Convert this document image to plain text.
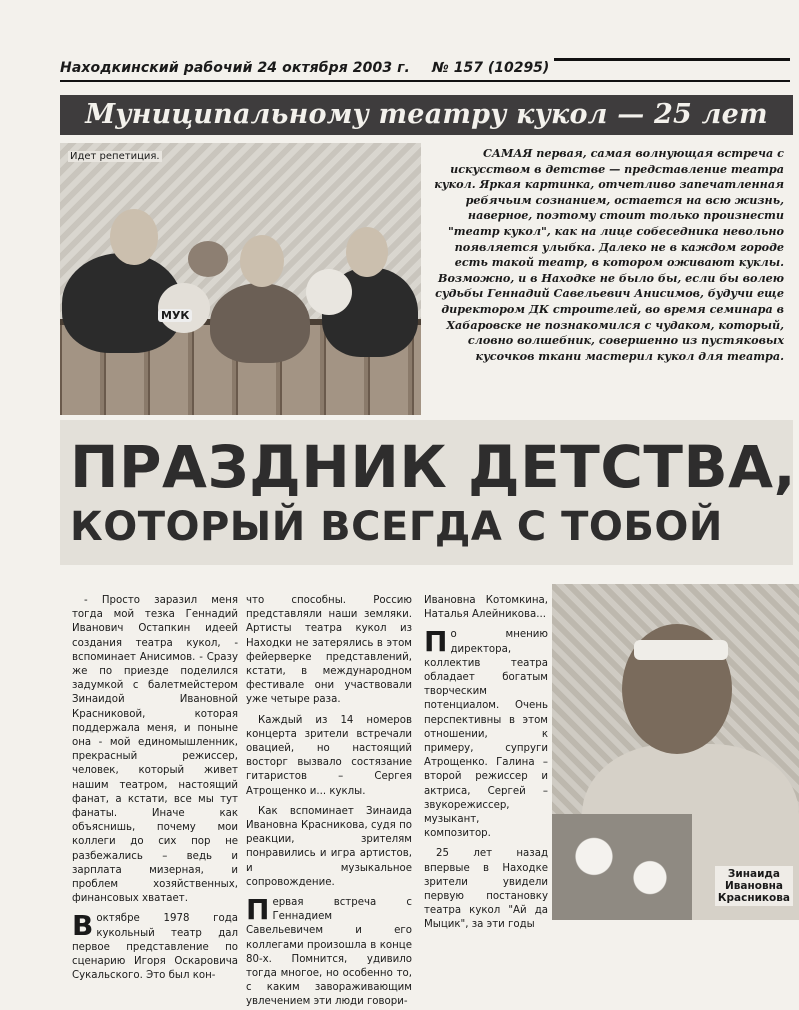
Находкинский рабочий 24 октября 2003 г. № 157 (10295)
Муниципальному театру кукол — 25 лет
МУК
Идет репетиция.	САМАЯ первая, самая волнующая встреча с искусством в детстве — представление театра кукол. Яркая картинка, отчетливо запечатленная ребячьим сознанием, остается на всю жизнь, наверное, поэтому стоит только произнести "театр кукол", как на лице собеседника невольно появляется улыбка. Далеко не в каждом городе есть такой театр, в котором оживают куклы. Возможно, и в Находке не было бы, если бы волею судьбы Геннадий Савельевич Анисимов, будучи еще директором ДК строителей, во время семинара в Хабаровске не познакомился с чудаком, который, словно волшебник, совершенно из пустяковых кусочков ткани мастерил кукол для театра.
ПРАЗДНИК ДЕТСТВА,
КОТОРЫЙ ВСЕГДА С ТОБОЙ

- Просто заразил меня тогда мой тезка Геннадий Иванович Остапкин идеей создания театра кукол, - вспоминает Анисимов. - Сразу же по приезде поделился задумкой с балетмейстером Зинаидой Ивановной Красниковой, которая поддержала меня, и поныне она - мой единомышленник, прекрасный режиссер, человек, который живет нашим театром, настоящий фанат, а кстати, все мы тут фанаты. Иначе как объяснишь, почему мои коллеги до сих пор не разбежались – ведь и зарплата мизерная, и проблем хозяйственных, финансовых хватает.

Воктябре 1978 года кукольный театр дал первое представление по сценарию Игоря Оскаровича Сукальского. Это был кон-

что способны. Россию представляли наши земляки. Артисты театра кукол из Находки не затерялись в этом фейерверке представлений, кстати, в международном фестивале они участвовали уже четыре раза.

Каждый из 14 номеров концерта зрители встречали овацией, но настоящий восторг вызвало состязание гитаристов – Сергея Атрощенко и... куклы.

Как вспоминает Зинаида Ивановна Красникова, судя по реакции, зрителям понравились и игра артистов, и музыкальное сопровождение.

Первая встреча с Геннадием Савельевичем и его коллегами произошла в конце 80-х. Помнится, удивило тогда многое, но особенно то, с каким завораживающим увлечением эти люди говори-

Ивановна Котомкина, Наталья Алейникова...

По мнению директора, коллектив театра обладает богатым творческим потенциалом. Очень перспективны в этом отношении, к примеру, супруги Атрощенко. Галина – второй режиссер и актриса, Сергей – звукорежиссер, музыкант, композитор.

25 лет назад впервые в Находке зрители увидели первую постановку театра кукол "Ай да Мыцик", за эти годы

Зинаида
Ивановна
Красникова
